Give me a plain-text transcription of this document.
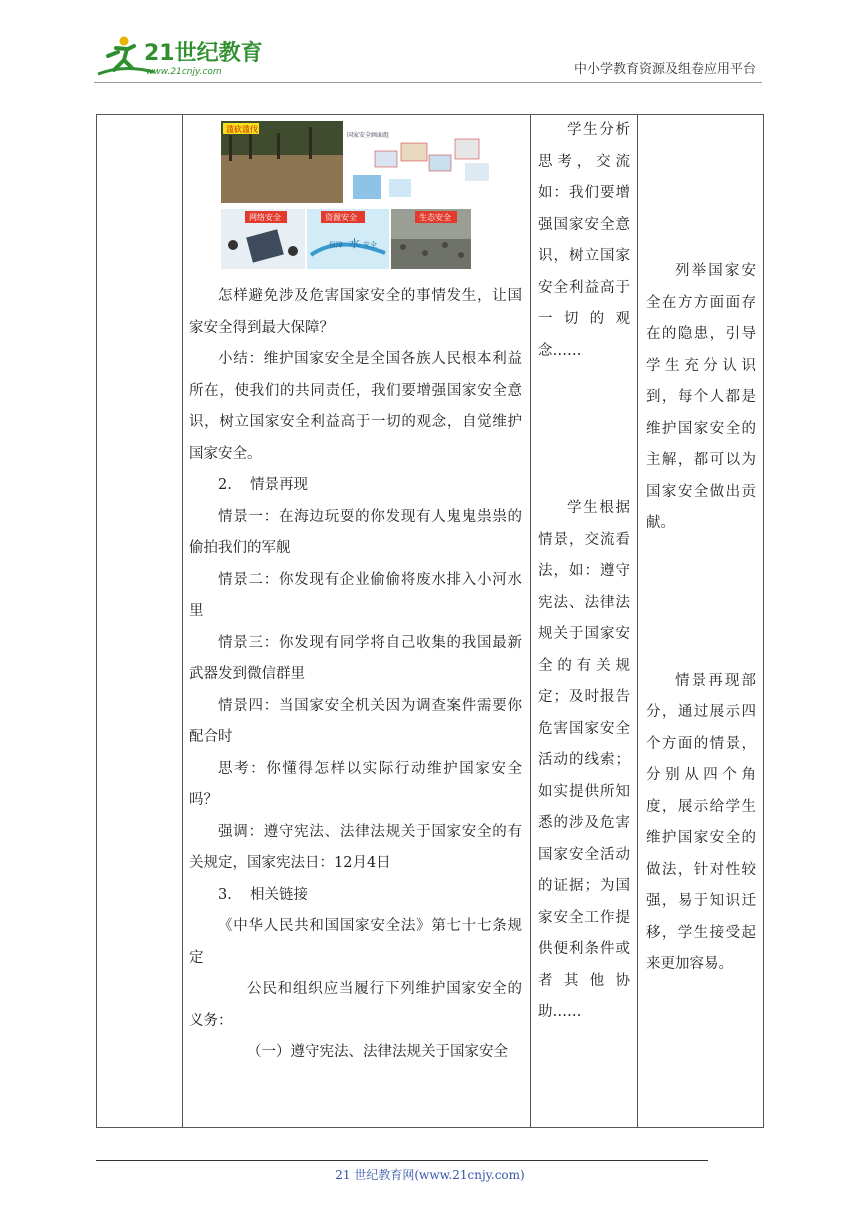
21世纪教育
www.21cnjy.com	中小学教育资源及组卷应用平台
滥砍滥伐
国家安全画面组
网络安全	资源安全
保障 水 安全
生态安全

怎样避免涉及危害国家安全的事情发生，让国家安全得到最大保障？

小结：维护国家安全是全国各族人民根本利益所在，使我们的共同责任，我们要增强国家安全意识，树立国家安全利益高于一切的观念，自觉维护国家安全。

2. 情景再现

情景一：在海边玩耍的你发现有人鬼鬼祟祟的偷拍我们的军舰

情景二：你发现有企业偷偷将废水排入小河水里

情景三：你发现有同学将自己收集的我国最新武器发到微信群里

情景四：当国家安全机关因为调查案件需要你配合时

思考：你懂得怎样以实际行动维护国家安全吗？

强调：遵守宪法、法律法规关于国家安全的有关规定，国家宪法日：12月4日

3. 相关链接

《中华人民共和国国家安全法》第七十七条规定

公民和组织应当履行下列维护国家安全的义务：

（一）遵守宪法、法律法规关于国家安全

学生分析思考，交流如：我们要增强国家安全意识，树立国家安全利益高于一切的观念……

学生根据情景，交流看法，如：遵守宪法、法律法规关于国家安全的有关规定；及时报告危害国家安全活动的线索；如实提供所知悉的涉及危害国家安全活动的证据；为国家安全工作提供便利条件或者其他协助……

列举国家安全在方方面面存在的隐患，引导学生充分认识到，每个人都是维护国家安全的主解，都可以为国家安全做出贡献。

情景再现部分，通过展示四个方面的情景，分别从四个角度，展示给学生维护国家安全的做法，针对性较强，易于知识迁移，学生接受起来更加容易。

21 世纪教育网(www.21cnjy.com)
